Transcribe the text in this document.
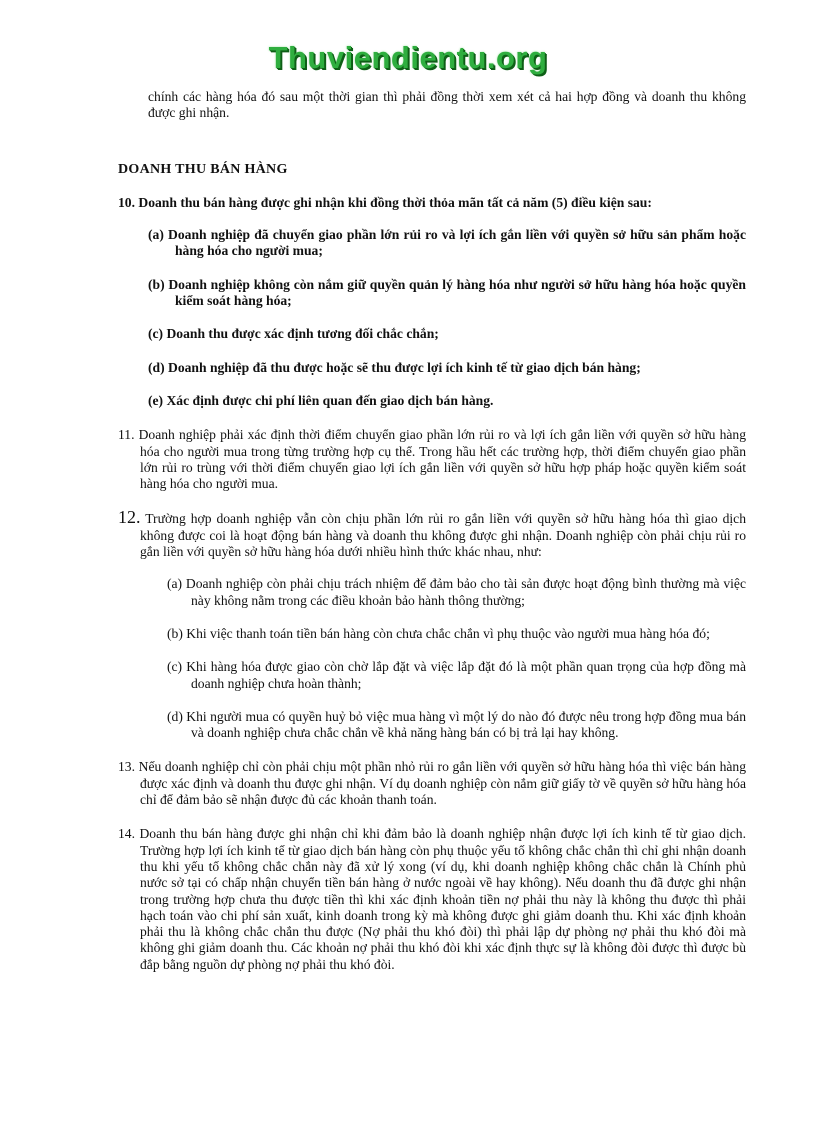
Thuviendientu.org

chính các hàng hóa đó sau một thời gian thì phải đồng thời xem xét cả hai hợp đồng và doanh thu không được ghi nhận.

DOANH THU BÁN HÀNG

10. Doanh thu bán hàng được ghi nhận khi đồng thời thỏa mãn tất cả năm (5) điều kiện sau:

(a) Doanh nghiệp đã chuyển giao phần lớn rủi ro và lợi ích gắn liền với quyền sở hữu sản phẩm hoặc hàng hóa cho người mua;

(b) Doanh nghiệp không còn nắm giữ quyền quản lý hàng hóa như người sở hữu hàng hóa hoặc quyền kiểm soát hàng hóa;

(c) Doanh thu được xác định tương đối chắc chắn;

(d) Doanh nghiệp đã thu được hoặc sẽ thu được lợi ích kinh tế từ giao dịch bán hàng;

(e) Xác định được chi phí liên quan đến giao dịch bán hàng.

11. Doanh nghiệp phải xác định thời điểm chuyển giao phần lớn rủi ro và lợi ích gắn liền với quyền sở hữu hàng hóa cho người mua trong từng trường hợp cụ thể. Trong hầu hết các trường hợp, thời điểm chuyển giao phần lớn rủi ro trùng với thời điểm chuyển giao lợi ích gắn liền với quyền sở hữu hợp pháp hoặc quyền kiểm soát hàng hóa cho người mua.

12. Trường hợp doanh nghiệp vẫn còn chịu phần lớn rủi ro gắn liền với quyền sở hữu hàng hóa thì giao dịch không được coi là hoạt động bán hàng và doanh thu không được ghi nhận. Doanh nghiệp còn phải chịu rủi ro gắn liền với quyền sở hữu hàng hóa dưới nhiều hình thức khác nhau, như:

(a) Doanh nghiệp còn phải chịu trách nhiệm để đảm bảo cho tài sản được hoạt động bình thường mà việc này không nằm trong các điều khoản bảo hành thông thường;

(b) Khi việc thanh toán tiền bán hàng còn chưa chắc chắn vì phụ thuộc vào người mua hàng hóa đó;

(c) Khi hàng hóa được giao còn chờ lắp đặt và việc lắp đặt đó là một phần quan trọng của hợp đồng mà doanh nghiệp chưa hoàn thành;

(d) Khi người mua có quyền huỷ bỏ việc mua hàng vì một lý do nào đó được nêu trong hợp đồng mua bán và doanh nghiệp chưa chắc chắn về khả năng hàng bán có bị trả lại hay không.

13. Nếu doanh nghiệp chỉ còn phải chịu một phần nhỏ rủi ro gắn liền với quyền sở hữu hàng hóa thì việc bán hàng được xác định và doanh thu được ghi nhận. Ví dụ doanh nghiệp còn nắm giữ giấy tờ về quyền sở hữu hàng hóa chỉ để đảm bảo sẽ nhận được đủ các khoản thanh toán.

14. Doanh thu bán hàng được ghi nhận chỉ khi đảm bảo là doanh nghiệp nhận được lợi ích kinh tế từ giao dịch. Trường hợp lợi ích kinh tế từ giao dịch bán hàng còn phụ thuộc yếu tố không chắc chắn thì chỉ ghi nhận doanh thu khi yếu tố không chắc chắn này đã xử lý xong (ví dụ, khi doanh nghiệp không chắc chắn là Chính phủ nước sở tại có chấp nhận chuyển tiền bán hàng ở nước ngoài về hay không). Nếu doanh thu đã được ghi nhận trong trường hợp chưa thu được tiền thì khi xác định khoản tiền nợ phải thu này là không thu được thì phải hạch toán vào chi phí sản xuất, kinh doanh trong kỳ mà không được ghi giảm doanh thu. Khi xác định khoản phải thu là không chắc chắn thu được (Nợ phải thu khó đòi) thì phải lập dự phòng nợ phải thu khó đòi mà không ghi giảm doanh thu. Các khoản nợ phải thu khó đòi khi xác định thực sự là không đòi được thì được bù đắp bằng nguồn dự phòng nợ phải thu khó đòi.
